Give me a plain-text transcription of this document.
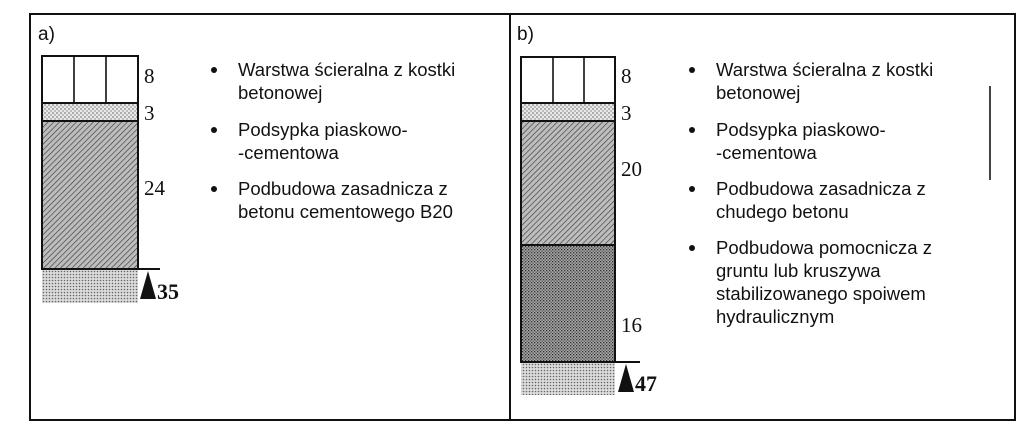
a)
8
3
24
35
Warstwa ścieralna z kostki betonowej
Podsypka piaskowo- -cementowa
Podbudowa zasadnicza z betonu cementowego B20
b)
8
3
20
16
47
Warstwa ścieralna z kostki betonowej
Podsypka piaskowo- -cementowa
Podbudowa zasadnicza z chudego betonu
Podbudowa pomocnicza z gruntu lub kruszywa stabilizowanego spoiwem hydraulicznym
